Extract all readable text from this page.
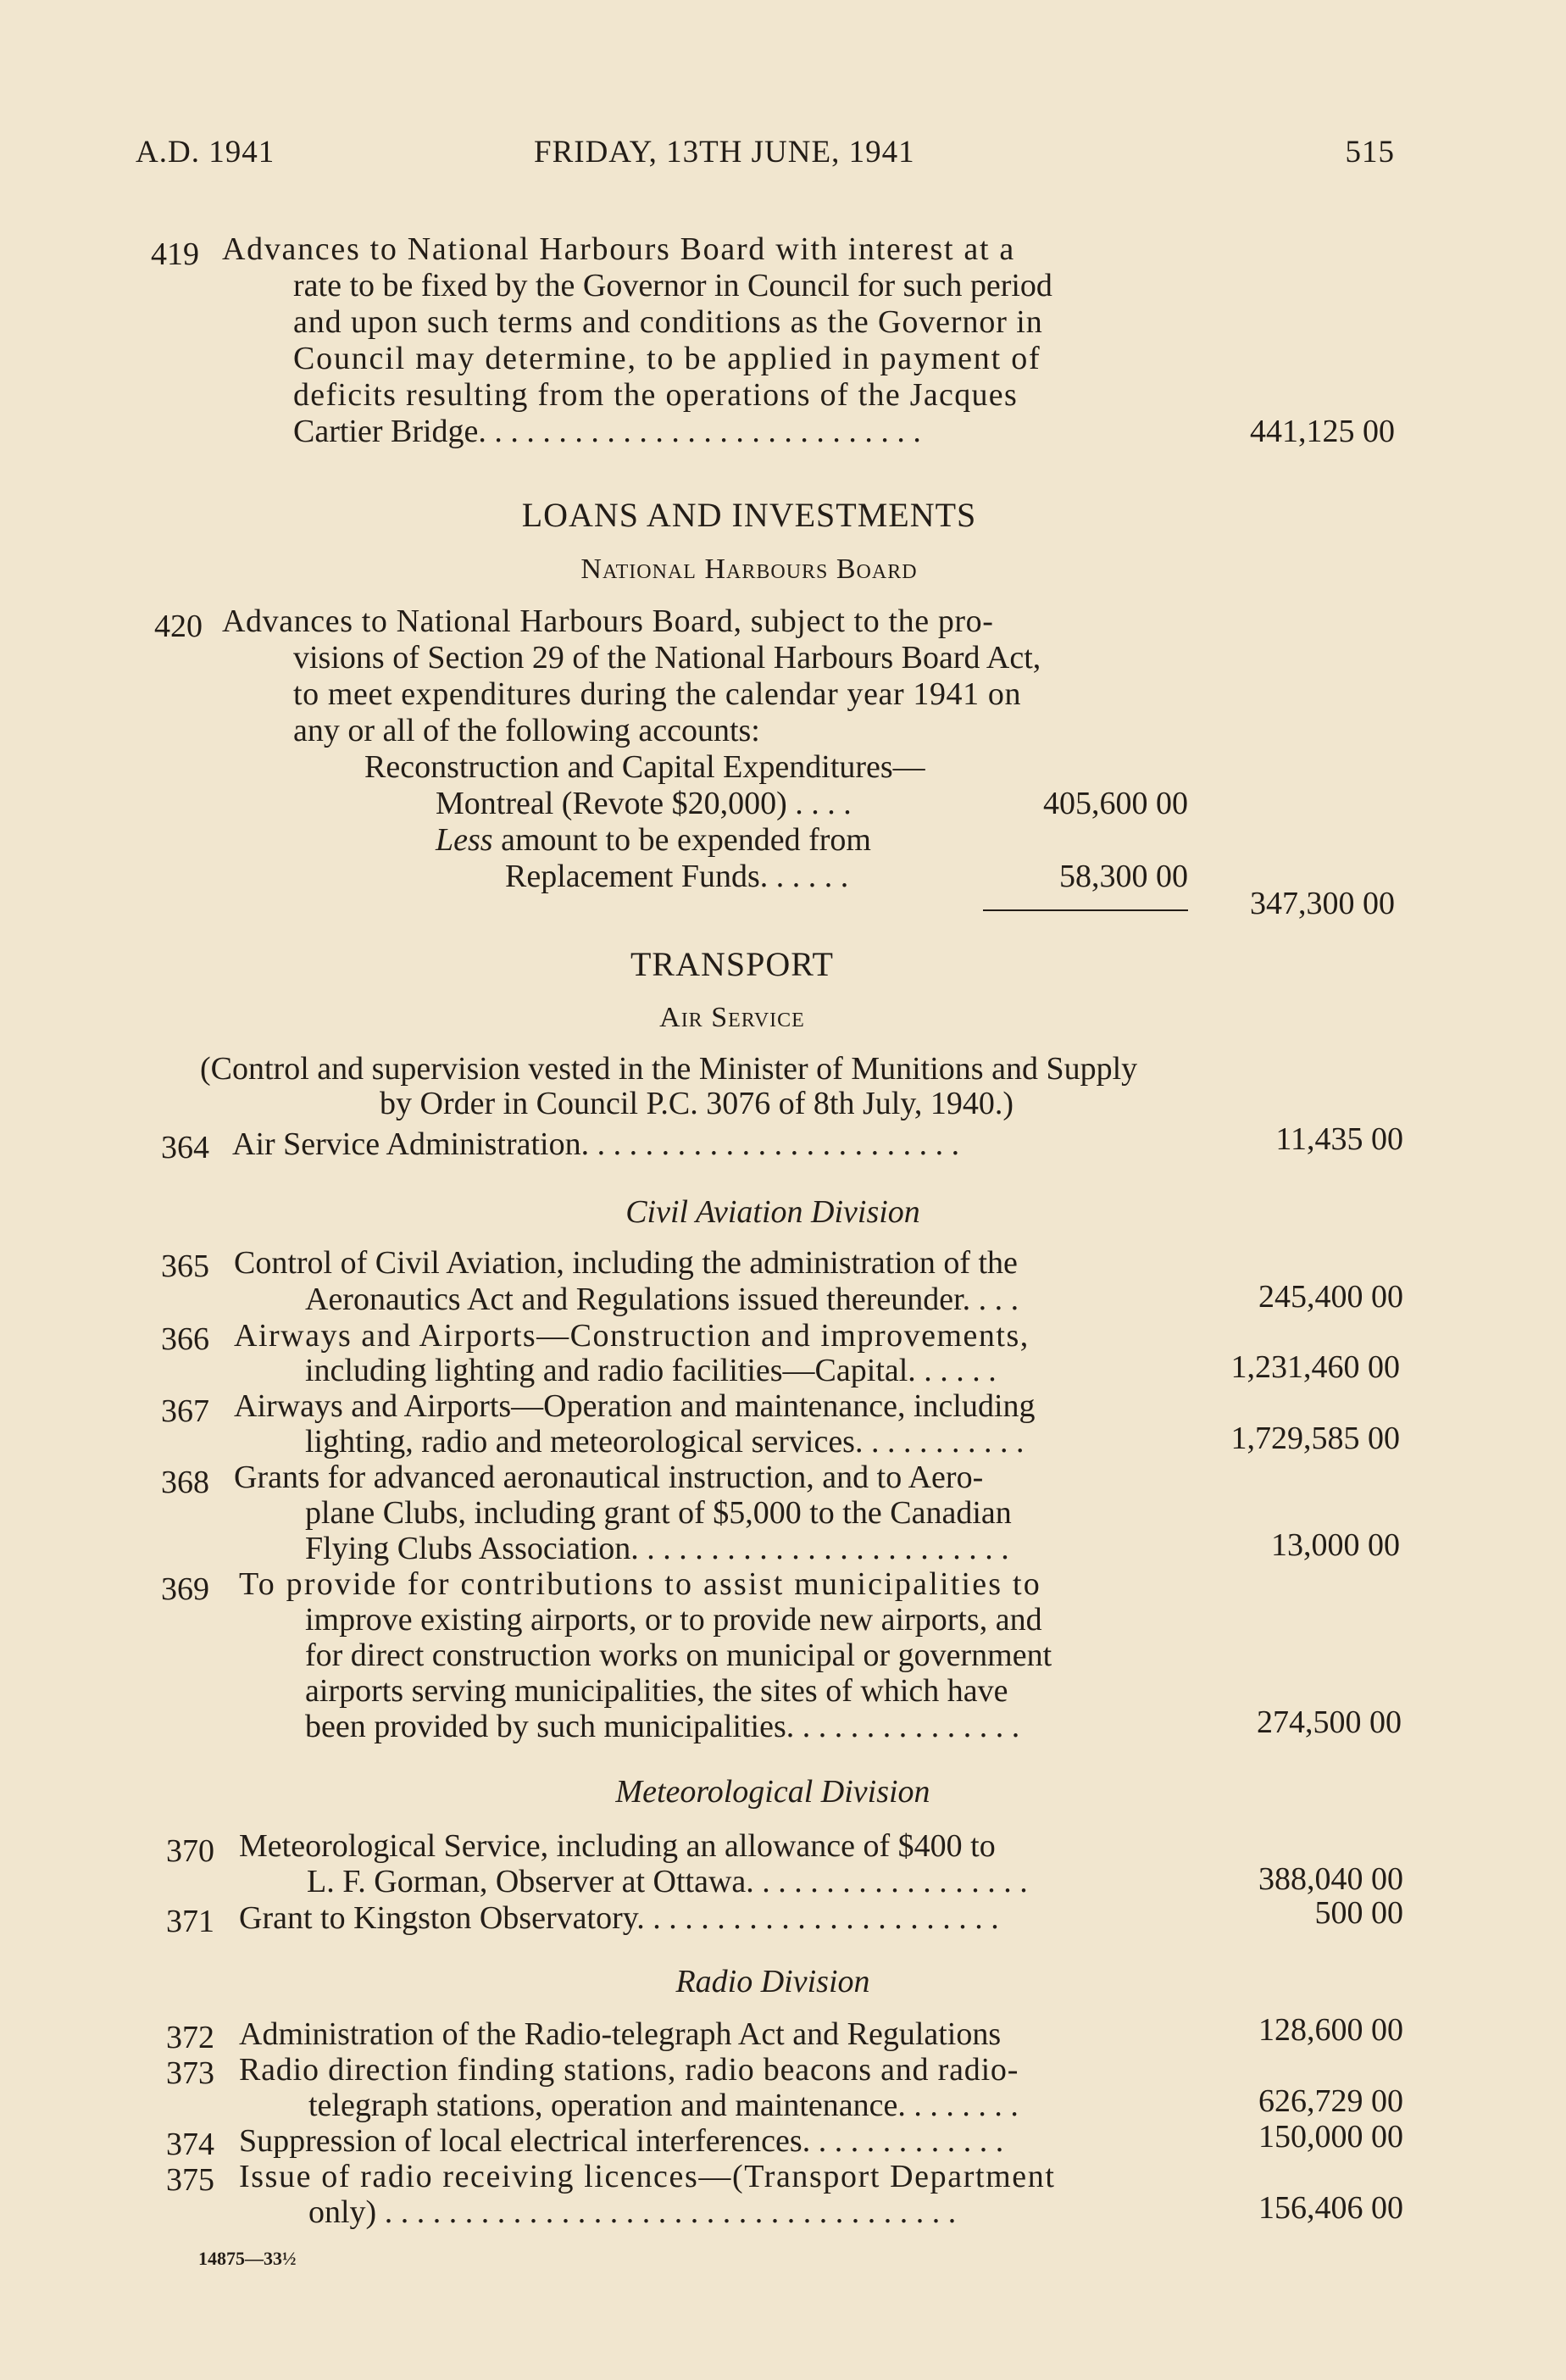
A.D. 1941	FRIDAY, 13TH JUNE, 1941	515
419 Advances to National Harbours Board with interest at a
rate to be fixed by the Governor in Council for such period
and upon such terms and conditions as the Governor in
Council may determine, to be applied in payment of
deficits resulting from the operations of the Jacques
Cartier Bridge. . . . . . . . . . . . . . . . . . . . . . . . . . . .	441,125 00
LOANS AND INVESTMENTS
National Harbours Board
420 Advances to National Harbours Board, subject to the pro-
visions of Section 29 of the National Harbours Board Act,
to meet expenditures during the calendar year 1941 on
any or all of the following accounts:
Reconstruction and Capital Expenditures—
Montreal (Revote $20,000) . . . .	405,600 00
Less amount to be expended from
Replacement Funds. . . . . .	58,300 00
347,300 00
TRANSPORT
Air Service
(Control and supervision vested in the Minister of Munitions and Supply
by Order in Council P.C. 3076 of 8th July, 1940.)
364 Air Service Administration. . . . . . . . . . . . . . . . . . . . . . . .	11,435 00
Civil Aviation Division
365 Control of Civil Aviation, including the administration of the
Aeronautics Act and Regulations issued thereunder. . . .	245,400 00
366 Airways and Airports—Construction and improvements,
including lighting and radio facilities—Capital. . . . . .	1,231,460 00
367 Airways and Airports—Operation and maintenance, including
lighting, radio and meteorological services. . . . . . . . . . .	1,729,585 00
368 Grants for advanced aeronautical instruction, and to Aero-
plane Clubs, including grant of $5,000 to the Canadian
Flying Clubs Association. . . . . . . . . . . . . . . . . . . . . . . .	13,000 00
369 To provide for contributions to assist municipalities to
improve existing airports, or to provide new airports, and
for direct construction works on municipal or government
airports serving municipalities, the sites of which have
been provided by such municipalities. . . . . . . . . . . . . . .	274,500 00
Meteorological Division
370 Meteorological Service, including an allowance of $400 to
L. F. Gorman, Observer at Ottawa. . . . . . . . . . . . . . . . . .	388,040 00
371 Grant to Kingston Observatory. . . . . . . . . . . . . . . . . . . . . . .	500 00
Radio Division
372 Administration of the Radio-telegraph Act and Regulations	128,600 00
373 Radio direction finding stations, radio beacons and radio-
telegraph stations, operation and maintenance. . . . . . . .	626,729 00
374 Suppression of local electrical interferences. . . . . . . . . . . . .	150,000 00
375 Issue of radio receiving licences—(Transport Department
only) . . . . . . . . . . . . . . . . . . . . . . . . . . . . . . . . . . . .	156,406 00
14875—33½
